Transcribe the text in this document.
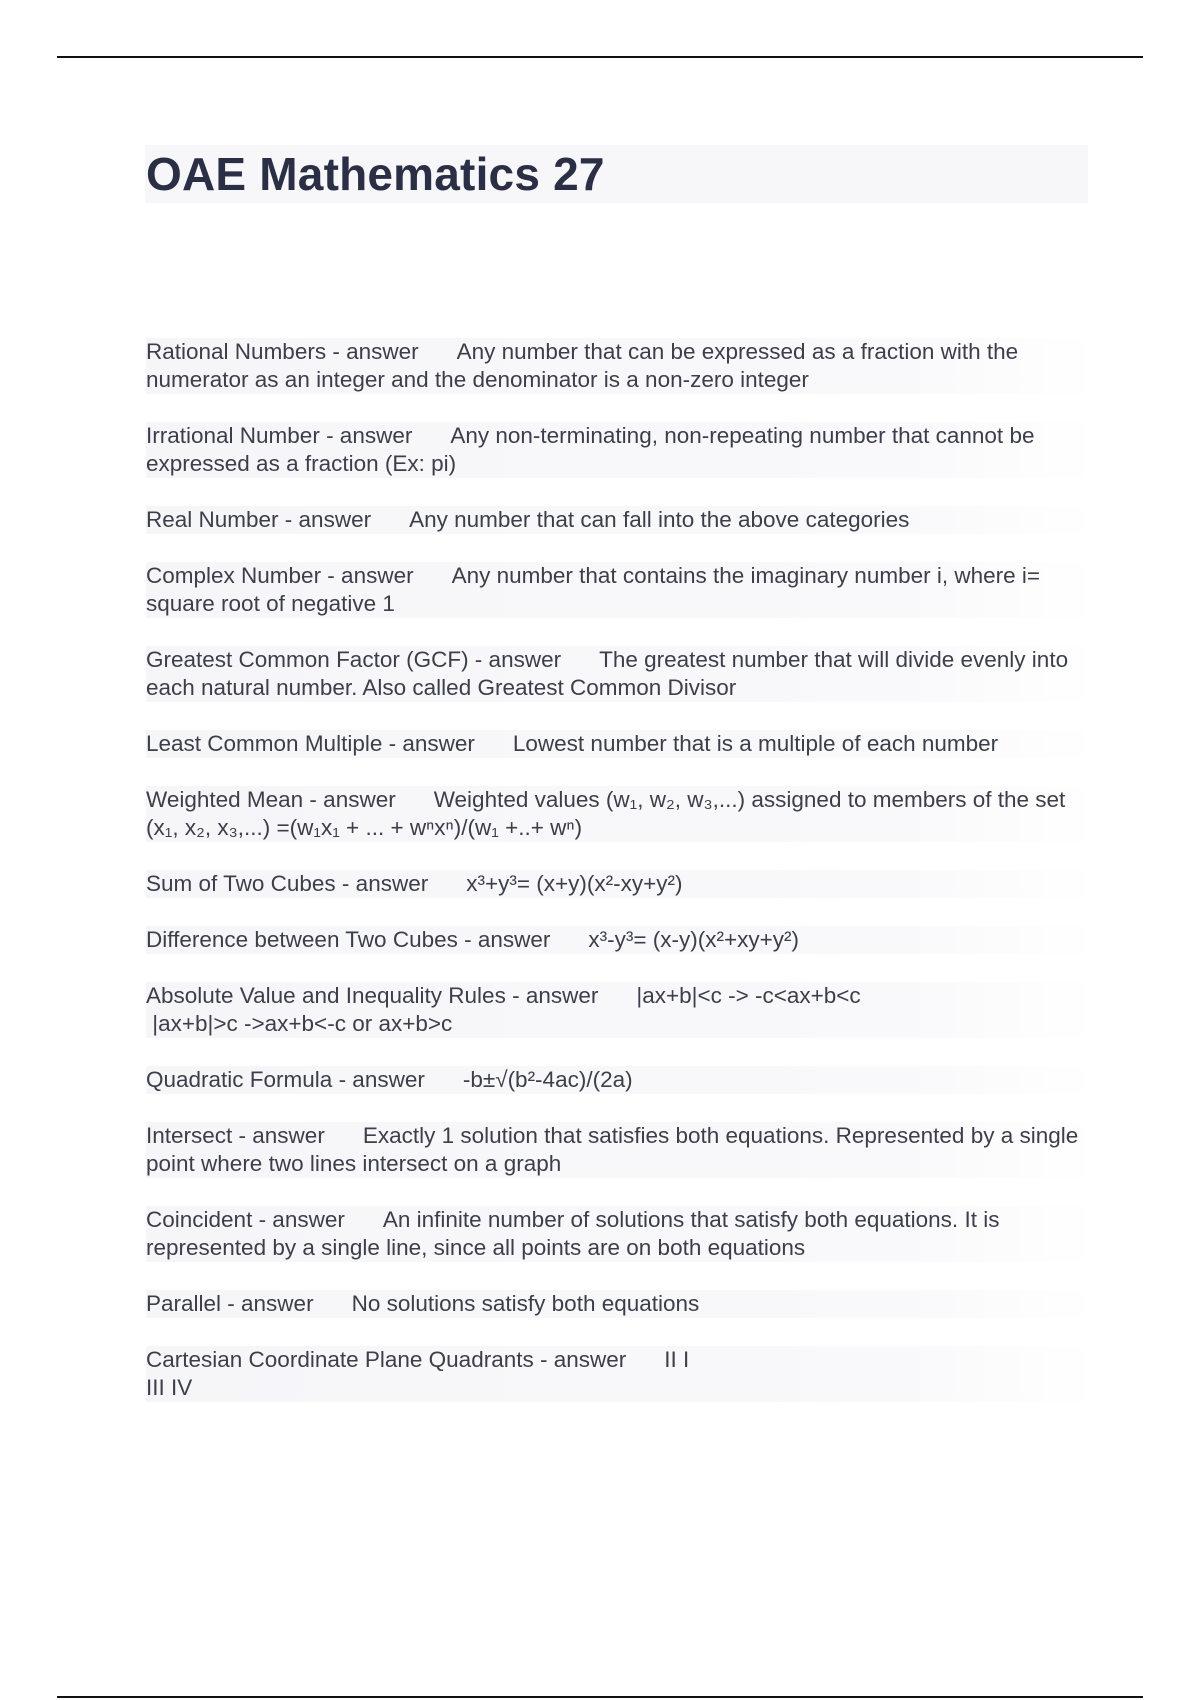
OAE Mathematics 27

Rational Numbers - answer Any number that can be expressed as a fraction with the numerator as an integer and the denominator is a non-zero integer

Irrational Number - answer Any non-terminating, non-repeating number that cannot be expressed as a fraction (Ex: pi)

Real Number - answer Any number that can fall into the above categories

Complex Number - answer Any number that contains the imaginary number i, where i= square root of negative 1

Greatest Common Factor (GCF) - answer The greatest number that will divide evenly into each natural number. Also called Greatest Common Divisor

Least Common Multiple - answer Lowest number that is a multiple of each number

Weighted Mean - answer Weighted values (w₁, w₂, w₃,...) assigned to members of the set (x₁, x₂, x₃,...) =(w₁x₁ + ... + wⁿxⁿ)/(w₁ +..+ wⁿ)

Sum of Two Cubes - answer x³+y³= (x+y)(x²-xy+y²)

Difference between Two Cubes - answer x³-y³= (x-y)(x²+xy+y²)

Absolute Value and Inequality Rules - answer |ax+b|<c -> -c<ax+b<c
|ax+b|>c ->ax+b<-c or ax+b>c

Quadratic Formula - answer -b±√(b²-4ac)/(2a)

Intersect - answer Exactly 1 solution that satisfies both equations. Represented by a single point where two lines intersect on a graph

Coincident - answer An infinite number of solutions that satisfy both equations. It is represented by a single line, since all points are on both equations

Parallel - answer No solutions satisfy both equations

Cartesian Coordinate Plane Quadrants - answer II I
III IV
